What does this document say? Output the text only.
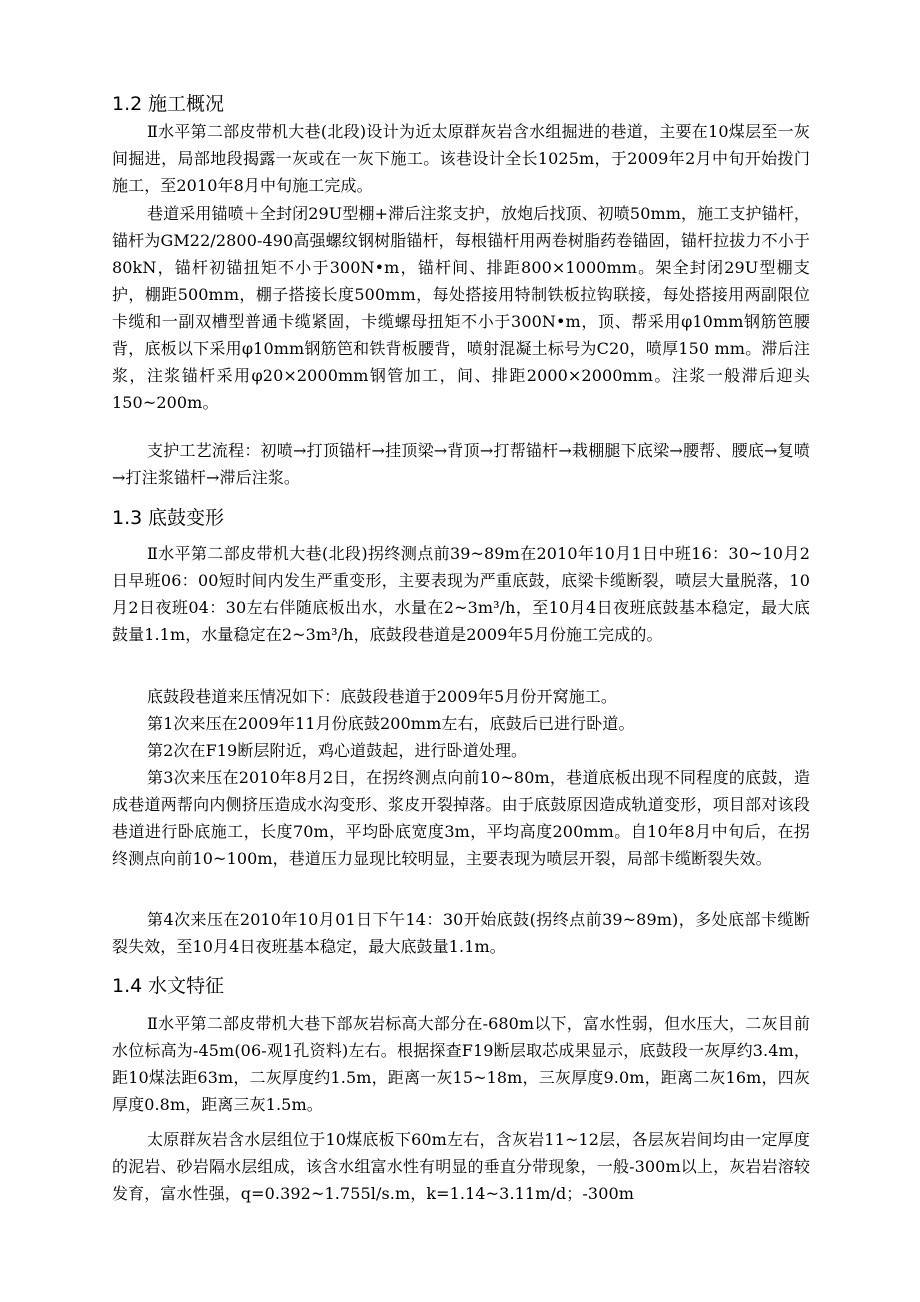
1.2 施工概况

Ⅱ水平第二部皮带机大巷(北段)设计为近太原群灰岩含水组掘进的巷道，主要在10煤层至一灰间掘进，局部地段揭露一灰或在一灰下施工。该巷设计全长1025m，于2009年2月中旬开始拨门施工，至2010年8月中旬施工完成。

巷道采用锚喷＋全封闭29U型棚+滞后注浆支护，放炮后找顶、初喷50mm，施工支护锚杆，锚杆为GM22/2800-490高强螺纹钢树脂锚杆，每根锚杆用两卷树脂药卷锚固，锚杆拉拔力不小于80kN，锚杆初锚扭矩不小于300N•m，锚杆间、排距800×1000mm。架全封闭29U型棚支护，棚距500mm，棚子搭接长度500mm，每处搭接用特制铁板拉钩联接，每处搭接用两副限位卡缆和一副双槽型普通卡缆紧固，卡缆螺母扭矩不小于300N•m，顶、帮采用φ10mm钢筋笆腰背，底板以下采用φ10mm钢筋笆和铁背板腰背，喷射混凝土标号为C20，喷厚150 mm。滞后注浆，注浆锚杆采用φ20×2000mm钢管加工，间、排距2000×2000mm。注浆一般滞后迎头150~200m。

支护工艺流程：初喷→打顶锚杆→挂顶梁→背顶→打帮锚杆→栽棚腿下底梁→腰帮、腰底→复喷→打注浆锚杆→滞后注浆。

1.3 底鼓变形

Ⅱ水平第二部皮带机大巷(北段)拐终测点前39~89m在2010年10月1日中班16：30~10月2日早班06：00短时间内发生严重变形，主要表现为严重底鼓，底梁卡缆断裂，喷层大量脱落，10月2日夜班04：30左右伴随底板出水，水量在2~3m³/h，至10月4日夜班底鼓基本稳定，最大底鼓量1.1m，水量稳定在2~3m³/h，底鼓段巷道是2009年5月份施工完成的。

底鼓段巷道来压情况如下：底鼓段巷道于2009年5月份开窝施工。

第1次来压在2009年11月份底鼓200mm左右，底鼓后已进行卧道。

第2次在F19断层附近，鸡心道鼓起，进行卧道处理。

第3次来压在2010年8月2日，在拐终测点向前10~80m，巷道底板出现不同程度的底鼓，造成巷道两帮向内侧挤压造成水沟变形、浆皮开裂掉落。由于底鼓原因造成轨道变形，项目部对该段巷道进行卧底施工，长度70m，平均卧底宽度3m，平均高度200mm。自10年8月中旬后，在拐终测点向前10~100m，巷道压力显现比较明显，主要表现为喷层开裂，局部卡缆断裂失效。

第4次来压在2010年10月01日下午14：30开始底鼓(拐终点前39~89m)，多处底部卡缆断裂失效，至10月4日夜班基本稳定，最大底鼓量1.1m。

1.4 水文特征

Ⅱ水平第二部皮带机大巷下部灰岩标高大部分在-680m以下，富水性弱，但水压大，二灰目前水位标高为-45m(06-观1孔资料)左右。根据探查F19断层取芯成果显示，底鼓段一灰厚约3.4m，距10煤法距63m，二灰厚度约1.5m，距离一灰15~18m，三灰厚度9.0m，距离二灰16m，四灰厚度0.8m，距离三灰1.5m。

太原群灰岩含水层组位于10煤底板下60m左右，含灰岩11~12层，各层灰岩间均由一定厚度的泥岩、砂岩隔水层组成，该含水组富水性有明显的垂直分带现象，一般-300m以上，灰岩岩溶较发育，富水性强，q=0.392~1.755l/s.m，k=1.14~3.11m/d；-300m
